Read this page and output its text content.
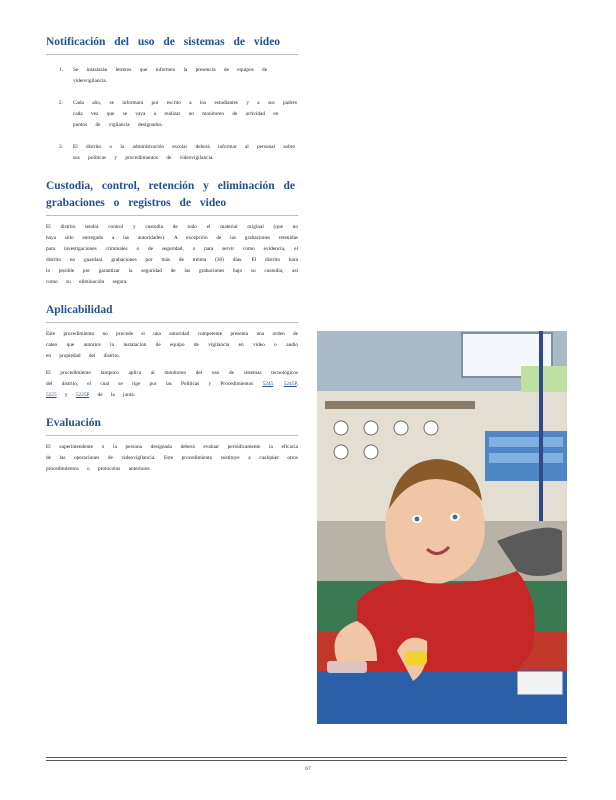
Notificación del uso de sistemas de video
1. Se instalarán letreros que informen la presencia de equipos de videovigilancia.
2. Cada año, se informará por escrito a los estudiantes y a sus padres cada vez que se vaya a realizar un monitoreo de actividad en puntos de vigilancia designados.
3. El distrito o la administración escolar deberá informar al personal sobre sus políticas y procedimientos de videovigilancia.
Custodia, control, retención y eliminación de grabaciones o registros de video

El distrito tendrá control y custodia de todo el material original (que no haya sido entregado a las autoridades). A excepción de las grabaciones retenidas para investigaciones criminales o de seguridad, o para servir como evidencia, el distrito no guardará grabaciones por más de treinta (30) días. El distrito hará lo posible por garantizar la seguridad de las grabaciones bajo su custodia, así como su eliminación segura.

Aplicabilidad

Este procedimiento no procede si una autoridad competente presenta una orden de cateo que autorice la instalación de equipo de vigilancia en video o audio en propiedad del distrito.

El procedimiento tampoco aplica al monitoreo del uso de sistemas tecnológicos del distrito, el cual se rige por las Políticas y Procedimientos 5245, 5245P, 5225 y 5225P de la junta.

Evaluación

El superintendente o la persona designada deberá evaluar periódicamente la eficacia de las operaciones de videovigilancia. Este procedimiento sustituye a cualquier otros procedimientos o protocolos anteriores.

67
